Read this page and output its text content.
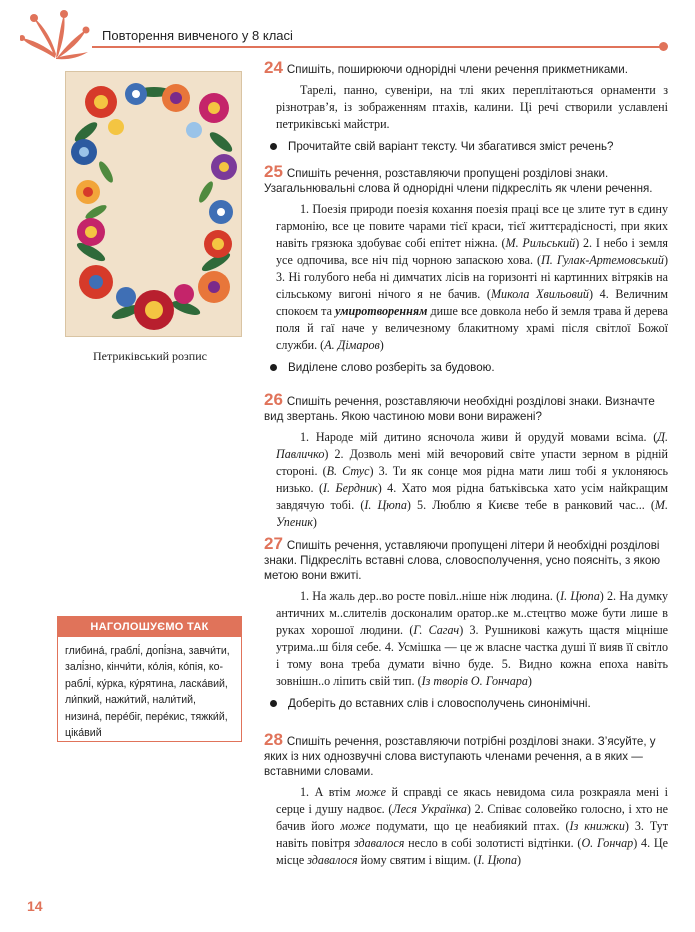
Повторення вивченого у 8 класі
Петриківський розпис
НАГОЛОШУЄМО ТАК
глибина́, граблі́, допі́зна, завчи́ти,
залі́зно, кінчи́ти, ко́лія, ко́пія, ко-
раблі́, ку́рка, ку́рятина, ласка́вий,
ли́пкий, нажи́тий, нали́тий,
низина́, пере́біг, пере́кис, тяжки́й,
ціка́вий

24 Спишіть, поширюючи однорідні члени речення прикметниками.

Тарелі, панно, сувеніри, на тлі яких переплітаються орнаменти з різнотрав’я, із зображенням птахів, калини. Ці речі створили уславлені петриківські майстри.

Прочитайте свій варіант тексту. Чи збагатився зміст речень?

25 Спишіть речення, розставляючи пропущені розділові знаки. Узагальнювальні слова й однорідні члени підкресліть як члени речення.

1. Поезія природи поезія кохання поезія праці все це злите тут в єдину гармонію, все це повите чарами тієї краси, тієї життєрадісності, при яких навіть грязюка здобуває собі епітет ніжна. (М. Рильський) 2. І небо і земля усе одпочива, все ніч під чорною запаскою хова. (П. Гулак-Артемовський) 3. Ні голубого неба ні димчатих лісів на горизонті ні картинних вітряків на сільському вигоні нічого я не бачив. (Микола Хвильовий) 4. Величним спокоєм та умиротворенням дише все довкола небо й земля трава й дерева поля й гаї наче у величезному блакитному храмі після світлої Божої служби. (А. Дімаров)

Виділене слово розберіть за будовою.

26 Спишіть речення, розставляючи необхідні розділові знаки. Визначте вид звертань. Якою частиною мови вони виражені?

1. Народе мій дитино ясночола живи й орудуй мовами всіма. (Д. Павличко) 2. Дозволь мені мій вечоровий світе упасти зерном в рідній стороні. (В. Стус) 3. Ти як сонце моя рідна мати лиш тобі я уклоняюсь низько. (І. Бердник) 4. Хато моя рідна батьківська хато усім найкращим завдячую тобі. (І. Цюпа) 5. Люблю я Києве тебе в ранковий час... (М. Упеник)

27 Спишіть речення, уставляючи пропущені літери й необхідні розділові знаки. Підкресліть вставні слова, словосполучення, усно поясніть, з якою метою вони вжиті.

1. На жаль дер..во росте повіл..ніше ніж людина. (І. Цюпа) 2. На думку античних м..слителів досконалим оратор..ке м..стецтво може бути лише в руках хорошої людини. (Г. Сагач) 3. Рушникові кажуть щастя міцніше утрима..ш біля себе. 4. Усмішка — це ж власне частка душі її вияв її світло і тому вона треба думати вічно буде. 5. Видно кожна епоха навіть зовнішн..о ліпить свій тип. (Із творів О. Гончара)

Доберіть до вставних слів і словосполучень синонімічні.

28 Спишіть речення, розставляючи потрібні розділові знаки. З’ясуйте, у яких із них однозвучні слова виступають членами речення, а в яких — вставними словами.

1. А втім може й справді се якась невидома сила розкраяла мені і серце і душу надвоє. (Леся Українка) 2. Співає соловейко голосно, і хто не бачив його може подумати, що це неабиякий птах. (Із книжки) 3. Тут навіть повітря здавалося несло в собі золотисті відтінки. (О. Гончар) 4. Це місце здавалося йому святим і віщим. (І. Цюпа)

14
